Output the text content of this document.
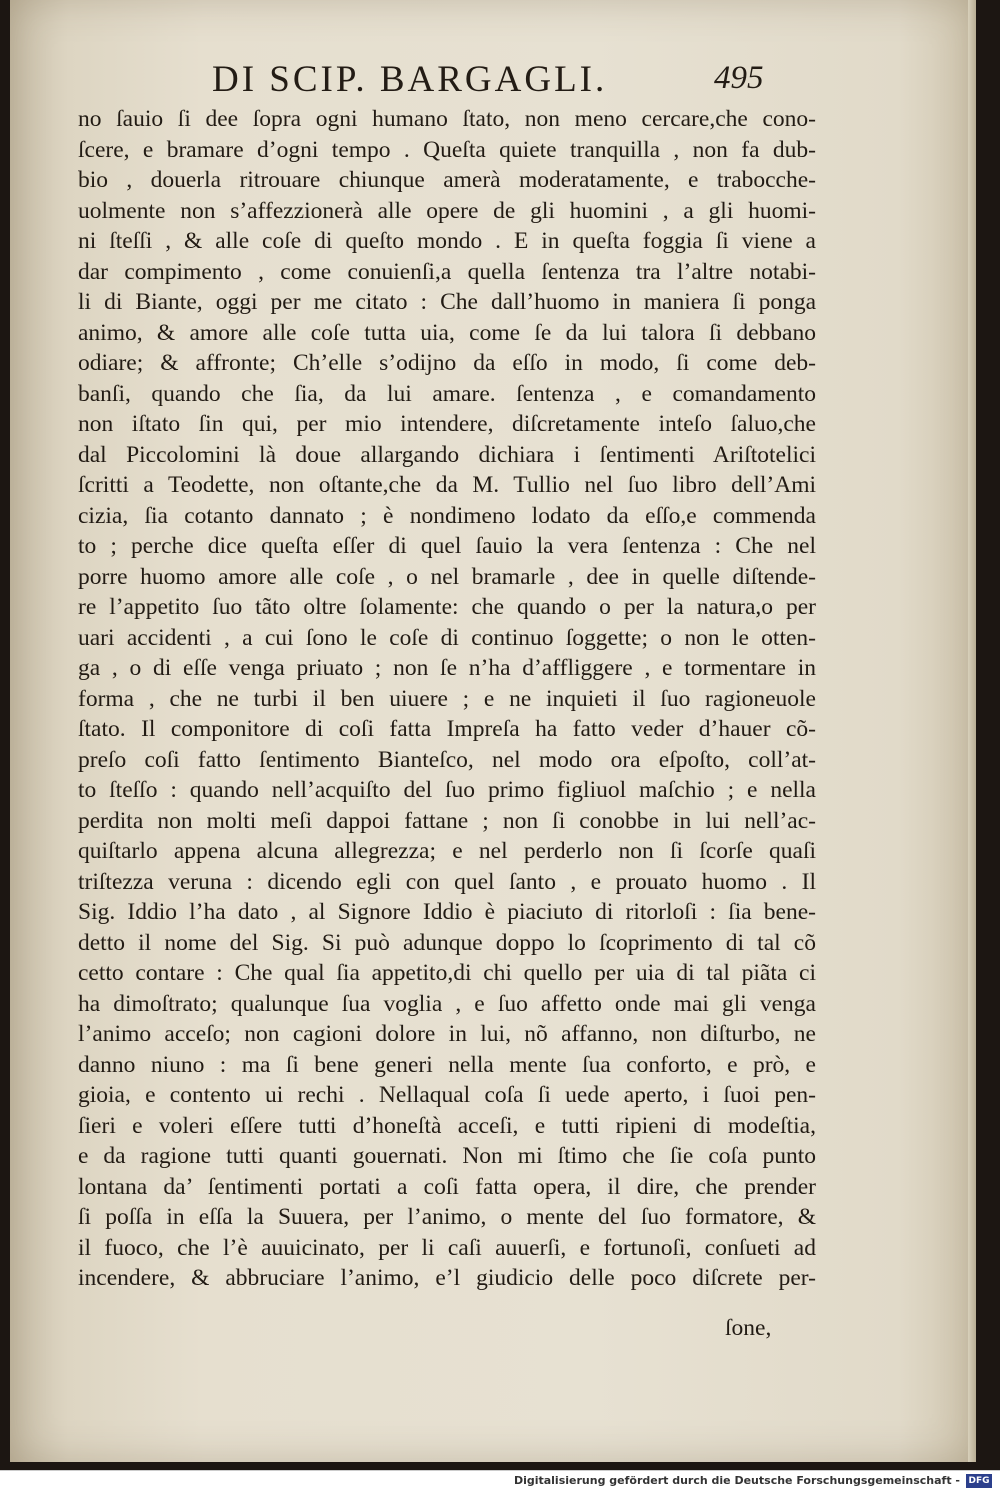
DI SCIP. BARGAGLI.	495
no ſauio ſi dee ſopra ogni humano ſtato, non meno cercare,che cono-
ſcere, e bramare d’ogni tempo . Queſta quiete tranquilla , non fa dub-
bio , douerla ritrouare chiunque amerà moderatamente, e trabocche-
uolmente non s’affezzionerà alle opere de gli huomini , a gli huomi-
ni ſteſſi , & alle coſe di queſto mondo . E in queſta foggia ſi viene a
dar compimento , come conuienſi,a quella ſentenza tra l’altre notabi-
li di Biante, oggi per me citato : Che dall’huomo in maniera ſi ponga
animo, & amore alle coſe tutta uia, come ſe da lui talora ſi debbano
odiare; & affronte; Ch’elle s’odijno da eſſo in modo, ſi come deb-
banſi, quando che ſia, da lui amare. ſentenza , e comandamento
non iſtato ſin qui, per mio intendere, diſcretamente inteſo ſaluo,che
dal Piccolomini là doue allargando dichiara i ſentimenti Ariſtotelici
ſcritti a Teodette, non oſtante,che da M. Tullio nel ſuo libro dell’Ami
cizia, ſia cotanto dannato ; è nondimeno lodato da eſſo,e commenda
to ; perche dice queſta eſſer di quel ſauio la vera ſentenza : Che nel
porre huomo amore alle coſe , o nel bramarle , dee in quelle diſtende-
re l’appetito ſuo tãto oltre ſolamente: che quando o per la natura,o per
uari accidenti , a cui ſono le coſe di continuo ſoggette; o non le otten-
ga , o di eſſe venga priuato ; non ſe n’ha d’affliggere , e tormentare in
forma , che ne turbi il ben uiuere ; e ne inquieti il ſuo ragioneuole
ſtato. Il componitore di coſi fatta Impreſa ha fatto veder d’hauer cõ-
preſo coſi fatto ſentimento Bianteſco, nel modo ora eſpoſto, coll’at-
to ſteſſo : quando nell’acquiſto del ſuo primo figliuol maſchio ; e nella
perdita non molti meſi dappoi fattane ; non ſi conobbe in lui nell’ac-
quiſtarlo appena alcuna allegrezza; e nel perderlo non ſi ſcorſe quaſi
triſtezza veruna : dicendo egli con quel ſanto , e prouato huomo . Il
Sig. Iddio l’ha dato , al Signore Iddio è piaciuto di ritorloſi : ſia bene-
detto il nome del Sig. Si può adunque doppo lo ſcoprimento di tal cõ
cetto contare : Che qual ſia appetito,di chi quello per uia di tal piãta ci
ha dimoſtrato; qualunque ſua voglia , e ſuo affetto onde mai gli venga
l’animo acceſo; non cagioni dolore in lui, nõ affanno, non diſturbo, ne
danno niuno : ma ſi bene generi nella mente ſua conforto, e prò, e
gioia, e contento ui rechi . Nellaqual coſa ſi uede aperto, i ſuoi pen-
ſieri e voleri eſſere tutti d’honeſtà acceſi, e tutti ripieni di modeſtia,
e da ragione tutti quanti gouernati. Non mi ſtimo che ſie coſa punto
lontana da’ ſentimenti portati a coſi fatta opera, il dire, che prender
ſi poſſa in eſſa la Suuera, per l’animo, o mente del ſuo formatore, &
il fuoco, che l’è auuicinato, per li caſi auuerſi, e fortunoſi, conſueti ad
incendere, & abbruciare l’animo, e’l giudicio delle poco diſcrete per-
ſone,
Digitalisierung gefördert durch die Deutsche Forschungsgemeinschaft - DFG
